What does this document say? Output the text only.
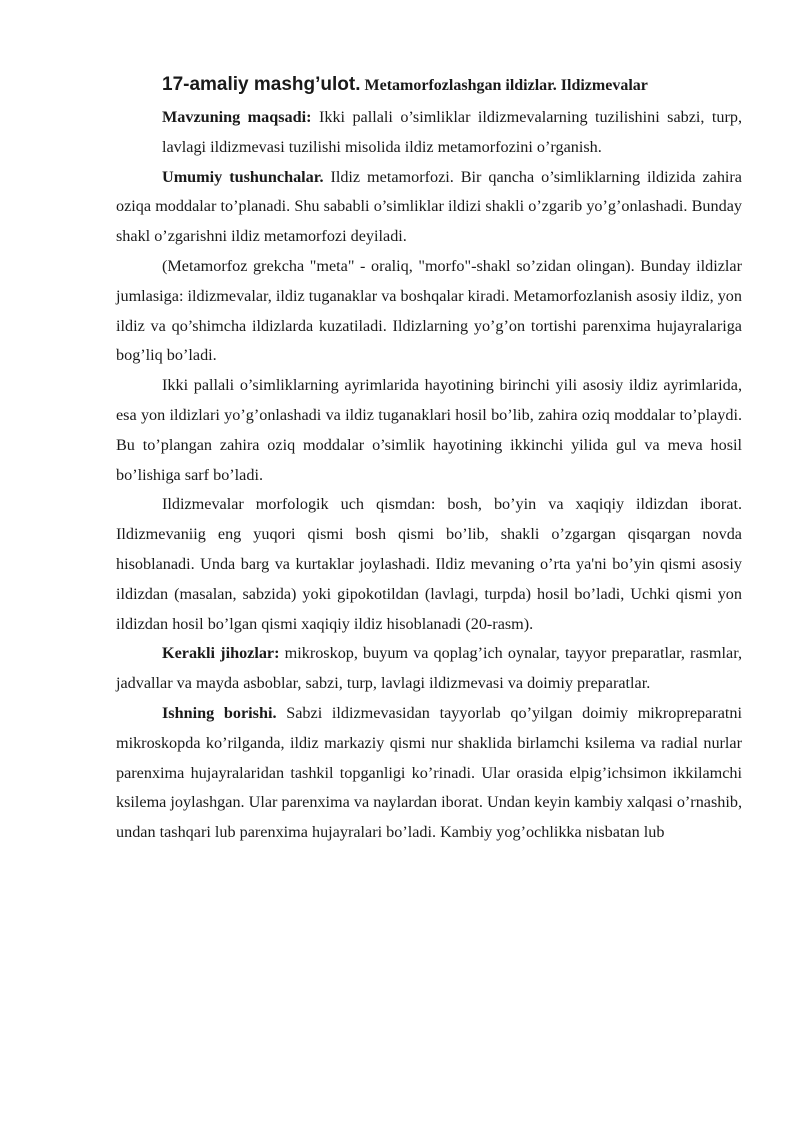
17-amaliy mashg’ulot. Metamorfozlashgan ildizlar. Ildizmevalar

Mavzuning maqsadi: Ikki pallali o’simliklar ildizmevalarning tuzilishini sabzi, turp, lavlagi ildizmevasi tuzilishi misolida ildiz metamorfozini o’rganish.

Umumiy tushunchalar. Ildiz metamorfozi. Bir qancha o’simliklarning ildizida zahira oziqa moddalar to’planadi. Shu sababli o’simliklar ildizi shakli o’zgarib yo’g’onlashadi. Bunday shakl o’zgarishni ildiz metamorfozi deyiladi.

(Metamorfoz grekcha "meta" - oraliq, "morfo"-shakl so’zidan olingan). Bunday ildizlar jumlasiga: ildizmevalar, ildiz tuganaklar va boshqalar kiradi. Metamorfozlanish asosiy ildiz, yon ildiz va qo’shimcha ildizlarda kuzatiladi. Ildizlarning yo’g’on tortishi parenxima hujayralariga bog’liq bo’ladi.

Ikki pallali o’simliklarning ayrimlarida hayotining birinchi yili asosiy ildiz ayrimlarida, esa yon ildizlari yo’g’onlashadi va ildiz tuganaklari hosil bo’lib, zahira oziq moddalar to’playdi. Bu to’plangan zahira oziq moddalar o’simlik hayotining ikkinchi yilida gul va meva hosil bo’lishiga sarf bo’ladi.

Ildizmevalar morfologik uch qismdan: bosh, bo’yin va xaqiqiy ildizdan iborat. Ildizmevaniig eng yuqori qismi bosh qismi bo’lib, shakli o’zgargan qisqargan novda hisoblanadi. Unda barg va kurtaklar joylashadi. Ildiz mevaning o’rta ya'ni bo’yin qismi asosiy ildizdan (masalan, sabzida) yoki gipokotildan (lavlagi, turpda) hosil bo’ladi, Uchki qismi yon ildizdan hosil bo’lgan qismi xaqiqiy ildiz hisoblanadi (20-rasm).

Kerakli jihozlar: mikroskop, buyum va qoplag’ich oynalar, tayyor preparatlar, rasmlar, jadvallar va mayda asboblar, sabzi, turp, lavlagi ildizmevasi va doimiy preparatlar.

Ishning borishi. Sabzi ildizmevasidan tayyorlab qo’yilgan doimiy mikropreparatni mikroskopda ko’rilganda, ildiz markaziy qismi nur shaklida birlamchi ksilema va radial nurlar parenxima hujayralaridan tashkil topganligi ko’rinadi. Ular orasida elpig’ichsimon ikkilamchi ksilema joylashgan. Ular parenxima va naylardan iborat. Undan keyin kambiy xalqasi o’rnashib, undan tashqari lub parenxima hujayralari bo’ladi. Kambiy yog’ochlikka nisbatan lub
